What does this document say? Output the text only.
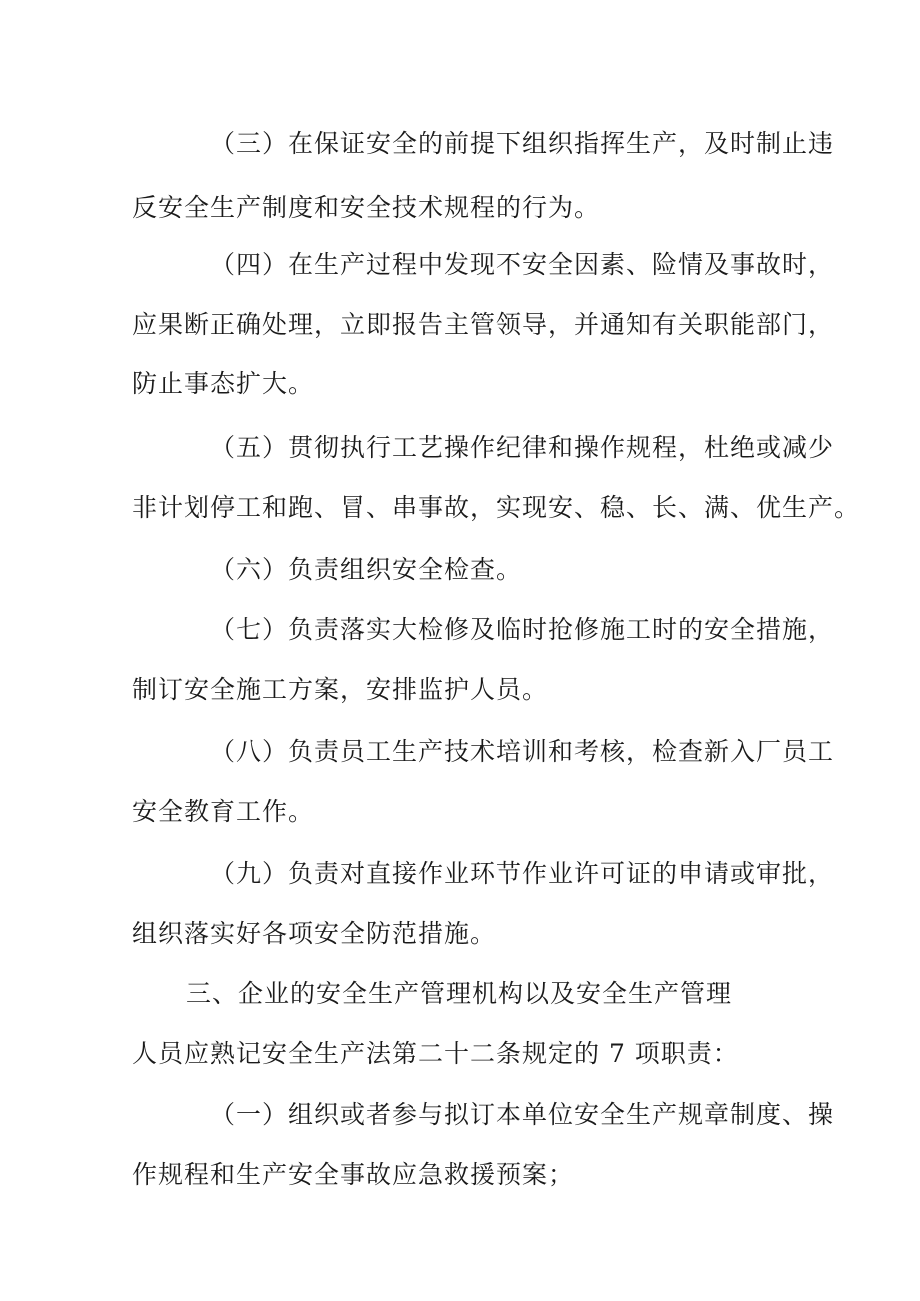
（三）在保证安全的前提下组织指挥生产，及时制止违
反安全生产制度和安全技术规程的行为。
（四）在生产过程中发现不安全因素、险情及事故时，
应果断正确处理，立即报告主管领导，并通知有关职能部门，
防止事态扩大。
（五）贯彻执行工艺操作纪律和操作规程，杜绝或减少
非计划停工和跑、冒、串事故，实现安、稳、长、满、优生产。
（六）负责组织安全检查。
（七）负责落实大检修及临时抢修施工时的安全措施，
制订安全施工方案，安排监护人员。
（八）负责员工生产技术培训和考核，检查新入厂员工
安全教育工作。
（九）负责对直接作业环节作业许可证的申请或审批，
组织落实好各项安全防范措施。
三、企业的安全生产管理机构以及安全生产管理
人员应熟记安全生产法第二十二条规定的 7 项职责：
（一）组织或者参与拟订本单位安全生产规章制度、操
作规程和生产安全事故应急救援预案；
